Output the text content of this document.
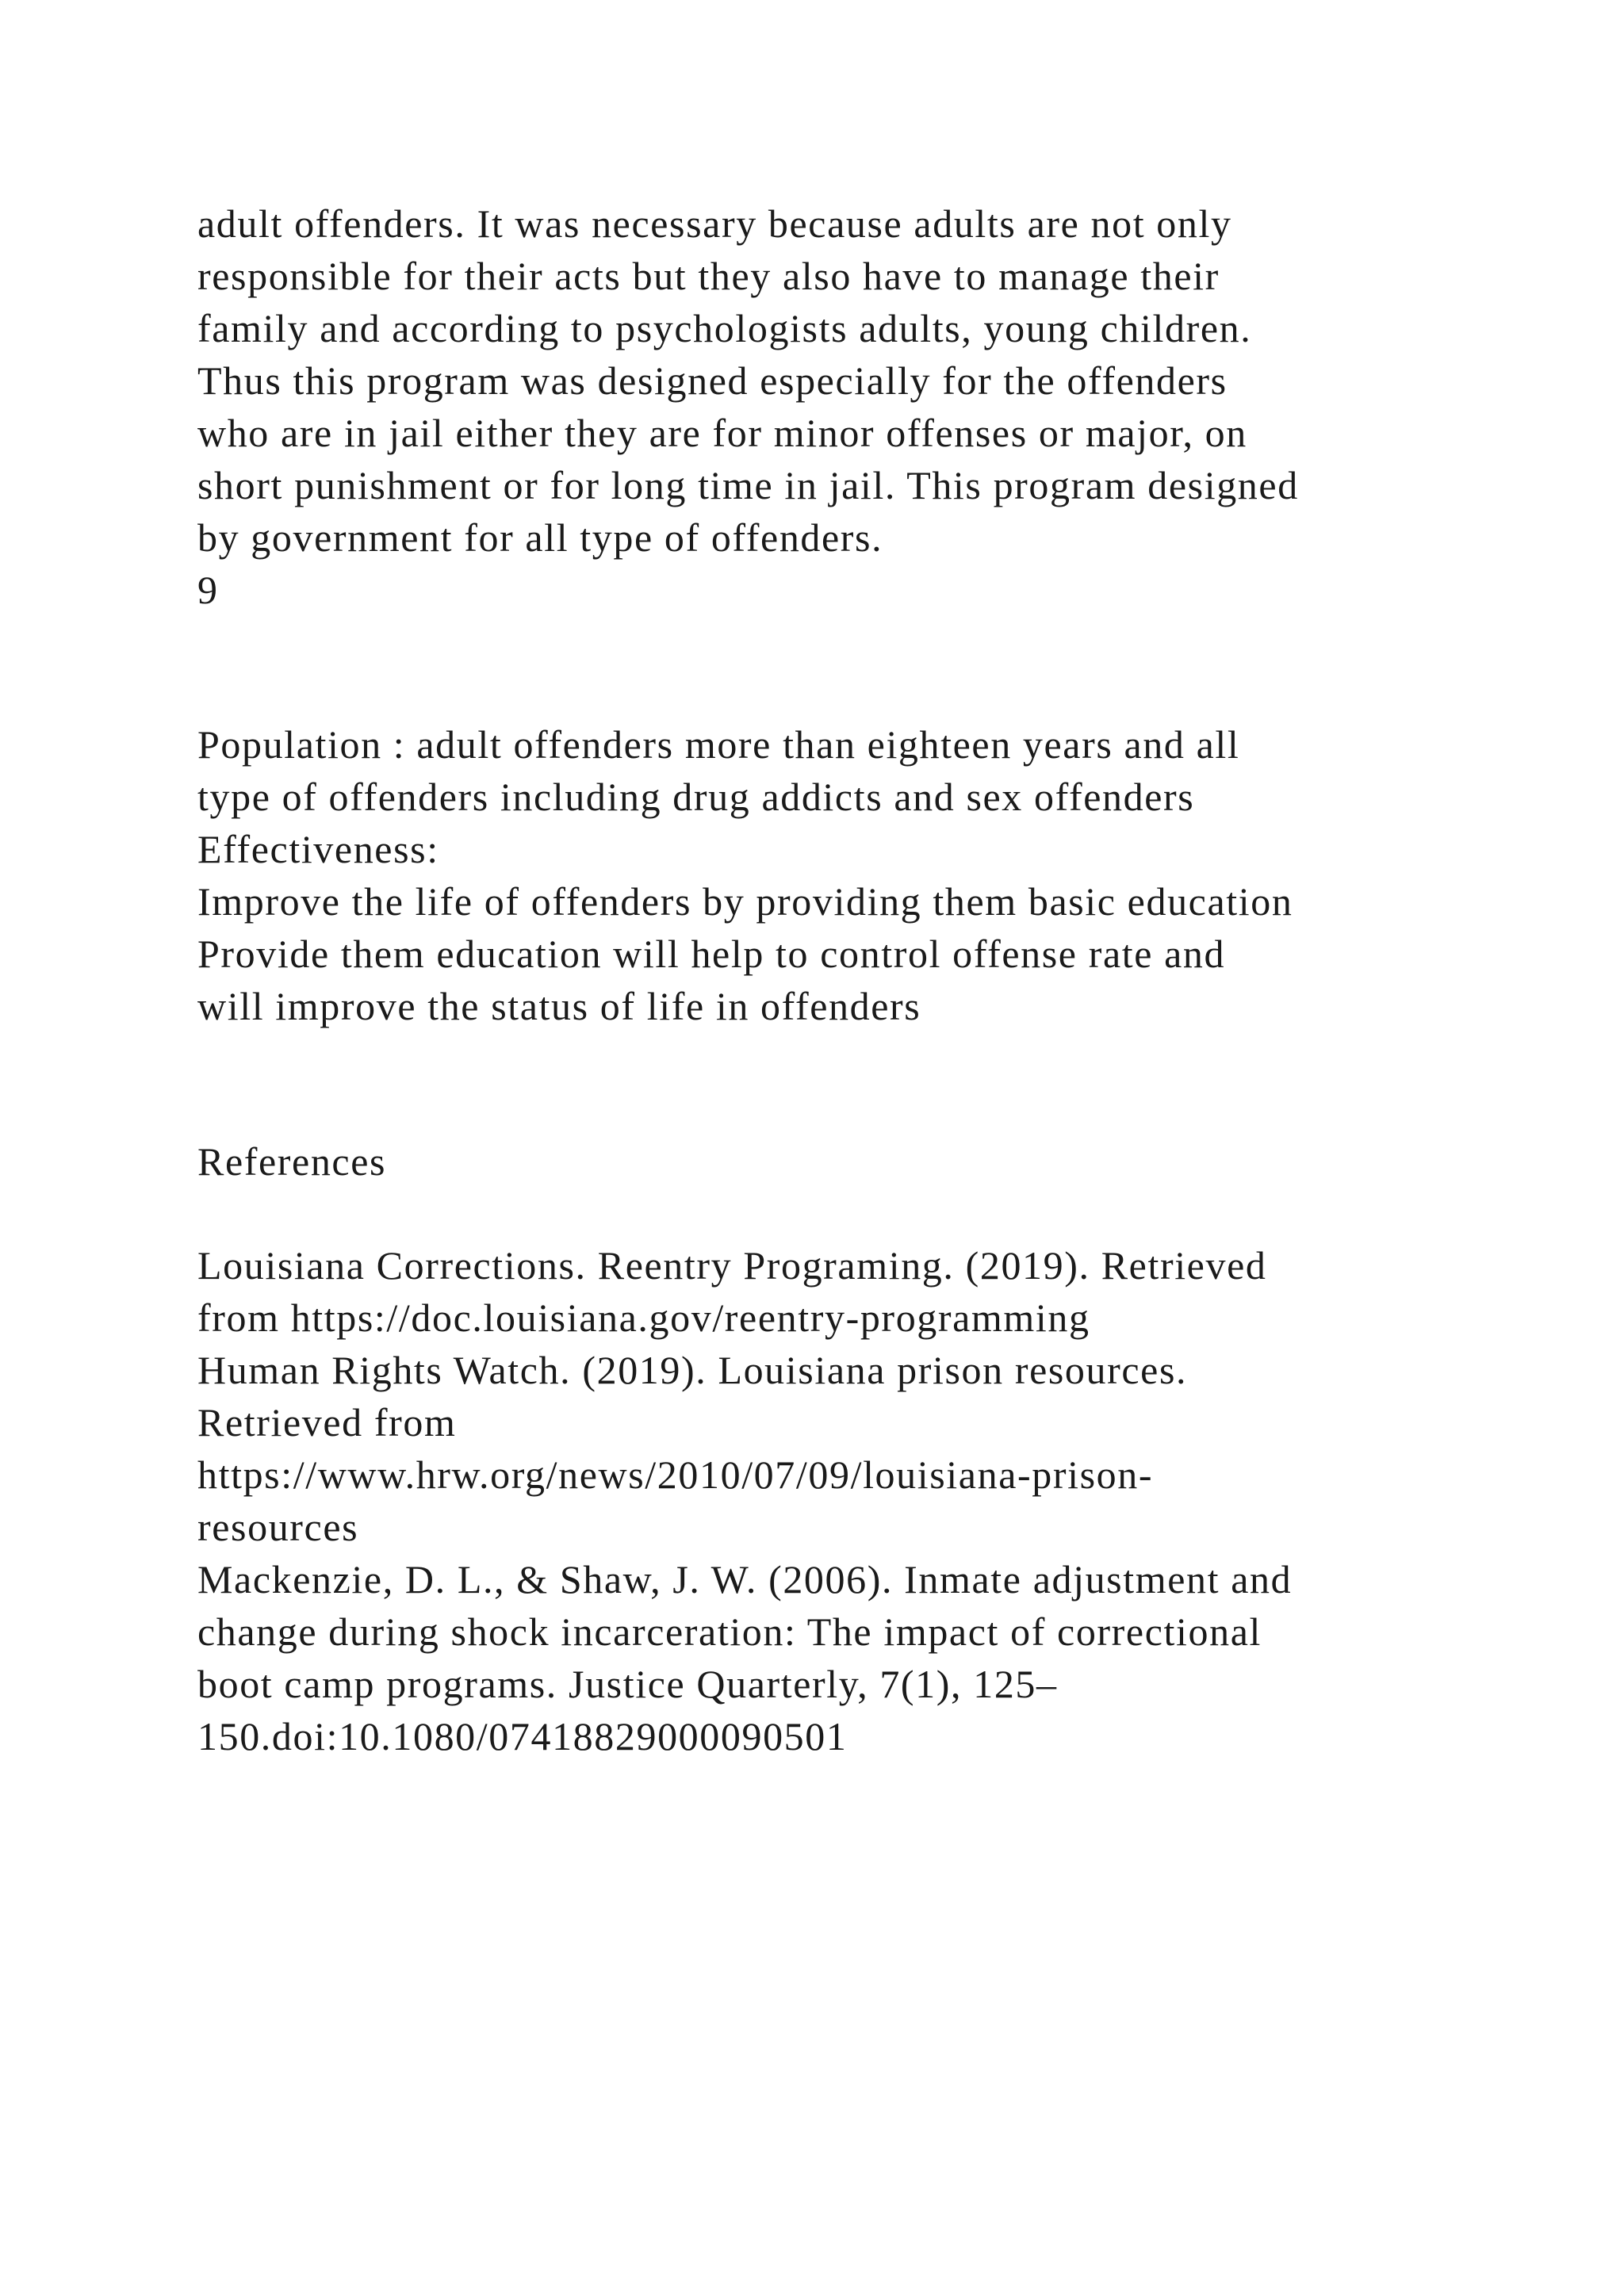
adult offenders. It was necessary because adults are not only
responsible for their acts but they also have to manage their
family and according to psychologists adults, young children.
Thus this program was designed especially for the offenders
who are in jail either they are for minor offenses or major, on
short punishment or for long time in jail. This program designed
by government for all type of offenders.
9
Population : adult offenders more than eighteen years and all
type of offenders including drug addicts and sex offenders
Effectiveness:
Improve the life of offenders by providing them basic education
Provide them education will help to control offense rate and
will improve the status of life in offenders
References
Louisiana Corrections. Reentry Programing. (2019). Retrieved
from https://doc.louisiana.gov/reentry-programming
Human Rights Watch. (2019). Louisiana prison resources.
Retrieved from
https://www.hrw.org/news/2010/07/09/louisiana-prison-
resources
Mackenzie, D. L., & Shaw, J. W. (2006). Inmate adjustment and
change during shock incarceration: The impact of correctional
boot camp programs. Justice Quarterly, 7(1), 125–
150.doi:10.1080/07418829000090501
